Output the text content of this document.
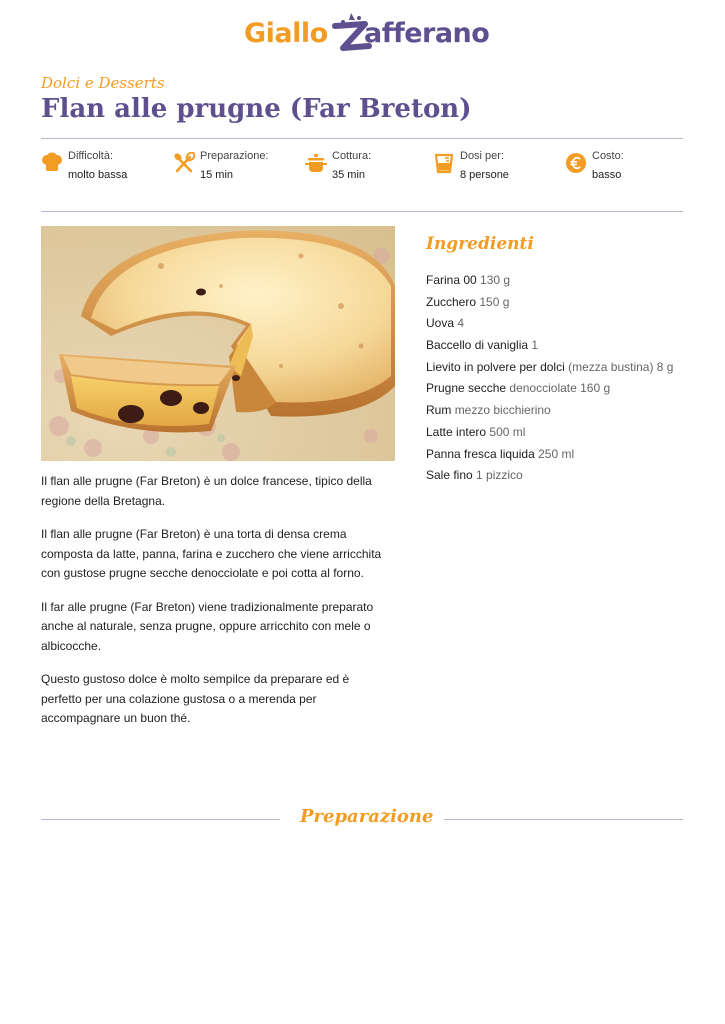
Giallo afferano
Dolci e Desserts
Flan alle prugne (Far Breton)
Difficoltà:
molto bassa
Preparazione:
15 min
Cottura:
35 min
Dosi per:
8 persone
Costo:
basso

Il flan alle prugne (Far Breton) è un dolce francese, tipico della regione della Bretagna.

Il flan alle prugne (Far Breton) è una torta di densa crema composta da latte, panna, farina e zucchero che viene arricchita con gustose prugne secche denocciolate e poi cotta al forno.

Il far alle prugne (Far Breton) viene tradizionalmente preparato anche al naturale, senza prugne, oppure arricchito con mele o albicocche.

Questo gustoso dolce è molto sempilce da preparare ed è perfetto per una colazione gustosa o a merenda per accompagnare un buon thé.

Ingredienti
Farina 00 130 g
Zucchero 150 g
Uova 4
Baccello di vaniglia 1
Lievito in polvere per dolci (mezza bustina) 8 g
Prugne secche denocciolate 160 g
Rum mezzo bicchierino
Latte intero 500 ml
Panna fresca liquida 250 ml
Sale fino 1 pizzico
Preparazione
